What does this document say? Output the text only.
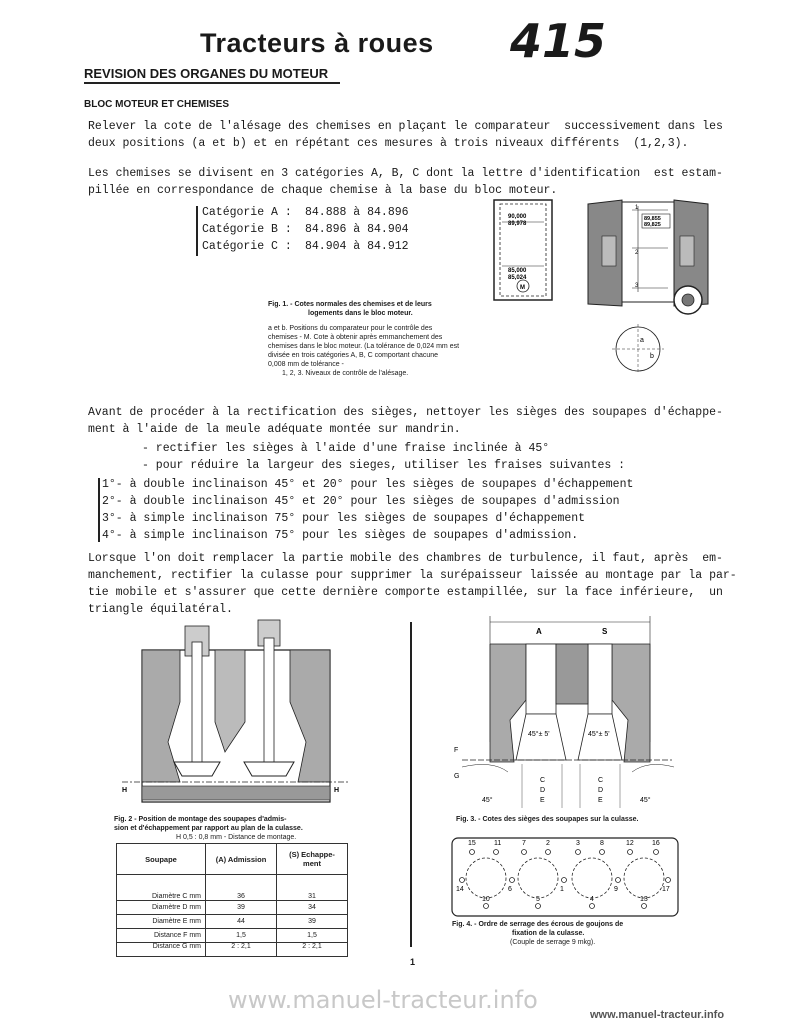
Tracteurs à roues 415
REVISION DES ORGANES DU MOTEUR
BLOC MOTEUR ET CHEMISES
Relever la cote de l'alésage des chemises en plaçant le comparateur  successivement dans les
deux positions (a et b) et en répétant ces mesures à trois niveaux différents  (1,2,3).
Les chemises se divisent en 3 catégories A, B, C dont la lettre d'identification  est estam-
pillée en correspondance de chaque chemise à la base du bloc moteur.
Catégorie A : 84.888 à 84.896
Catégorie B : 84.896 à 84.904
Catégorie C : 84.904 à 84.912
90,000
89,978
85,000
85,024
M
89,855
89,825
1
2
3
a
b
Fig. 1. - Cotes normales des chemises et de leurs
logements dans le bloc moteur.
a et b. Positions du comparateur pour le contrôle des
chemises - M. Cote à obtenir après emmanchement des
chemises dans le bloc moteur. (La tolérance de 0,024 mm est
divisée en trois catégories A, B, C comportant chacune
0,008 mm de tolérance -
1, 2, 3. Niveaux de contrôle de l'alésage.
Avant de procéder à la rectification des sièges, nettoyer les sièges des soupapes d'échappe-
ment à l'aide de la meule adéquate montée sur mandrin.
- rectifier les sièges à l'aide d'une fraise inclinée à 45°
- pour réduire la largeur des sieges, utiliser les fraises suivantes :
1°- à double inclinaison 45° et 20° pour les sièges de soupapes d'échappement
2°- à double inclinaison 45° et 20° pour les sièges de soupapes d'admission
3°- à simple inclinaison 75° pour les sièges de soupapes d'échappement
4°- à simple inclinaison 75° pour les sièges de soupapes d'admission.
Lorsque l'on doit remplacer la partie mobile des chambres de turbulence, il faut, après  em-
manchement, rectifier la culasse pour supprimer la surépaisseur laissée au montage par la par-
tie mobile et s'assurer que cette dernière comporte estampillée, sur la face inférieure,  un
triangle équilatéral.
H	H
Fig. 2 - Position de montage des soupapes d'admis-
sion et d'échappement par rapport au plan de la culasse.
H 0,5 : 0,8 mm - Distance de montage.
Soupape	(A) Admission	(S) Echappe-ment
Diamètre C mm	36	31
Diamètre D mm	39	34
Diamètre E mm	44	39
Distance F mm	1,5	1,5
Distance G mm	2 : 2,1	2 : 2,1
A	S
45°± 5'	45°± 5'
F
G
45°	45°
C
D
E
C
D
E
Fig. 3. - Cotes des sièges des soupapes sur la culasse.
15	11	7	2	3	8	12	16
14	6	1	9	17
10	5	4	13
Fig. 4. - Ordre de serrage des écrous de goujons de
fixation de la culasse.
(Couple de serrage 9 mkg).
1
www.manuel-tracteur.info
www.manuel-tracteur.info
